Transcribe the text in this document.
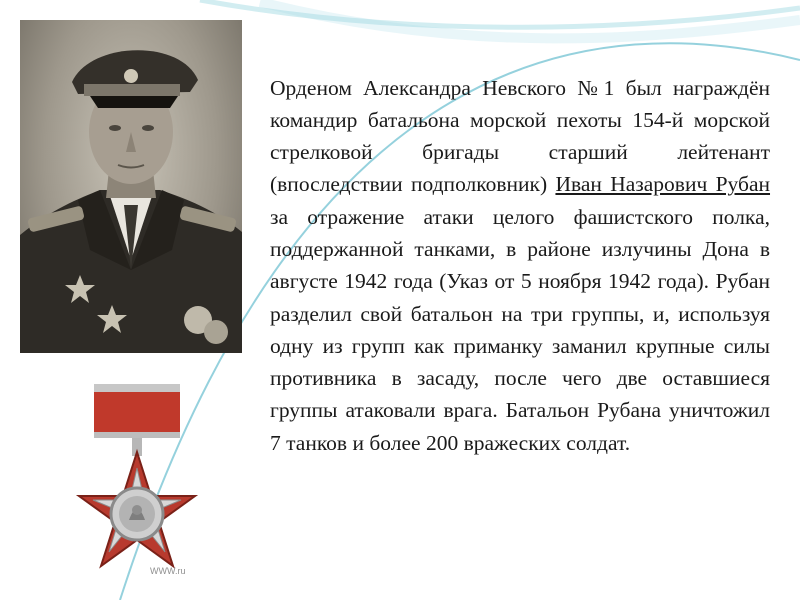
WWW.ru

Орденом Александра Невского №1 был награждён командир батальона морской пехоты 154-й морской стрелковой бригады старший лейтенант (впоследствии подполковник) Иван Назарович Рубан за отражение атаки целого фашистского полка, поддержанной танками, в районе излучины Дона в августе 1942 года (Указ от 5 ноября 1942 года). Рубан разделил свой батальон на три группы, и, используя одну из групп как приманку заманил крупные силы противника в засаду, после чего две оставшиеся группы атаковали врага. Батальон Рубана уничтожил 7 танков и более 200 вражеских солдат.
